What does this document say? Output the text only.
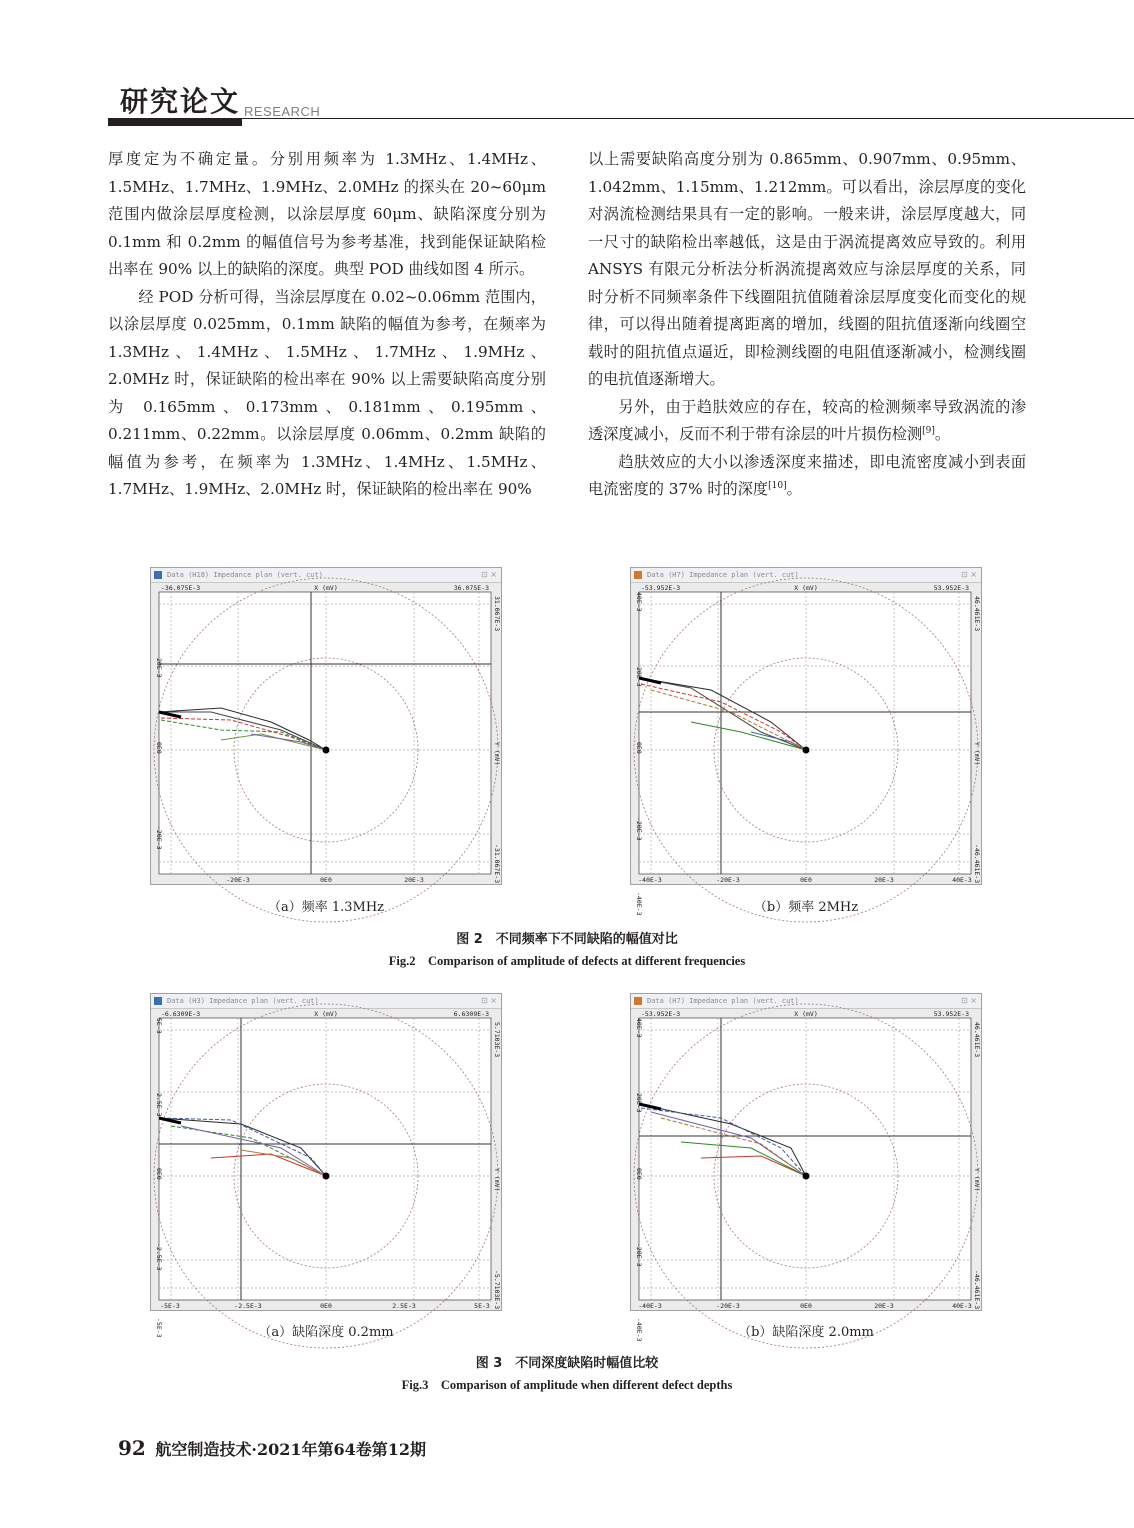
研究论文 RESEARCH

厚度定为不确定量。分别用频率为 1.3MHz、1.4MHz、1.5MHz、1.7MHz、1.9MHz、2.0MHz 的探头在 20~60μm 范围内做涂层厚度检测，以涂层厚度 60μm、缺陷深度分别为 0.1mm 和 0.2mm 的幅值信号为参考基准，找到能保证缺陷检出率在 90% 以上的缺陷的深度。典型 POD 曲线如图 4 所示。

经 POD 分析可得，当涂层厚度在 0.02~0.06mm 范围内，以涂层厚度 0.025mm，0.1mm 缺陷的幅值为参考，在频率为 1.3MHz、1.4MHz、1.5MHz、1.7MHz、1.9MHz、2.0MHz 时，保证缺陷的检出率在 90% 以上需要缺陷高度分别为 0.165mm、0.173mm、0.181mm、0.195mm、0.211mm、0.22mm。以涂层厚度 0.06mm、0.2mm 缺陷的幅值为参考，在频率为 1.3MHz、1.4MHz、1.5MHz、1.7MHz、1.9MHz、2.0MHz 时，保证缺陷的检出率在 90%

以上需要缺陷高度分别为 0.865mm、0.907mm、0.95mm、1.042mm、1.15mm、1.212mm。可以看出，涂层厚度的变化对涡流检测结果具有一定的影响。一般来讲，涂层厚度越大，同一尺寸的缺陷检出率越低，这是由于涡流提离效应导致的。利用 ANSYS 有限元分析法分析涡流提离效应与涂层厚度的关系，同时分析不同频率条件下线圈阻抗值随着涂层厚度变化而变化的规律，可以得出随着提离距离的增加，线圈的阻抗值逐渐向线圈空载时的阻抗值点逼近，即检测线圈的电阻值逐渐减小，检测线圈的电抗值逐渐增大。

另外，由于趋肤效应的存在，较高的检测频率导致涡流的渗透深度减小，反而不利于带有涂层的叶片损伤检测[9]。

趋肤效应的大小以渗透深度来描述，即电流密度减小到表面电流密度的 37% 时的深度[10]。

Data (H18) Impedance plan (vert. cut)	⊡ ×
-36.075E-3	36.075E-3
X (mV)
31.067E-3
-31.067E-3
Y (mV)
-20E-3	0E0	20E-3
20E-3
0E0
-20E-3
Data (H7) Impedance plan (vert. cut)	⊡ ×
-53.952E-3	53.952E-3
X (mV)
46.461E-3
-46.461E-3
Y (mV)
-40E-3	-20E-3	0E0	20E-3	40E-3
40E-3
20E-3
0E0
-20E-3
-40E-3
（a）频率 1.3MHz	（b）频率 2MHz
图 2　不同频率下不同缺陷的幅值对比
Fig.2　Comparison of amplitude of defects at different frequencies
Data (H3) Impedance plan (vert. cut)	⊡ ×
-6.6309E-3	6.6309E-3
X (mV)
5.7103E-3
-5.7103E-3
Y (mV)
-5E-3	-2.5E-3	0E0	2.5E-3	5E-3
5E-3
2.5E-3
0E0
-2.5E-3
-5E-3
Data (H7) Impedance plan (vert. cut)	⊡ ×
-53.952E-3	53.952E-3
X (mV)
46.461E-3
-46.461E-3
Y (mV)
-40E-3	-20E-3	0E0	20E-3	40E-3
40E-3
20E-3
0E0
-20E-3
-40E-3
（a）缺陷深度 0.2mm	（b）缺陷深度 2.0mm
图 3　不同深度缺陷时幅值比较
Fig.3　Comparison of amplitude when different defect depths
92 航空制造技术·2021年第64卷第12期
